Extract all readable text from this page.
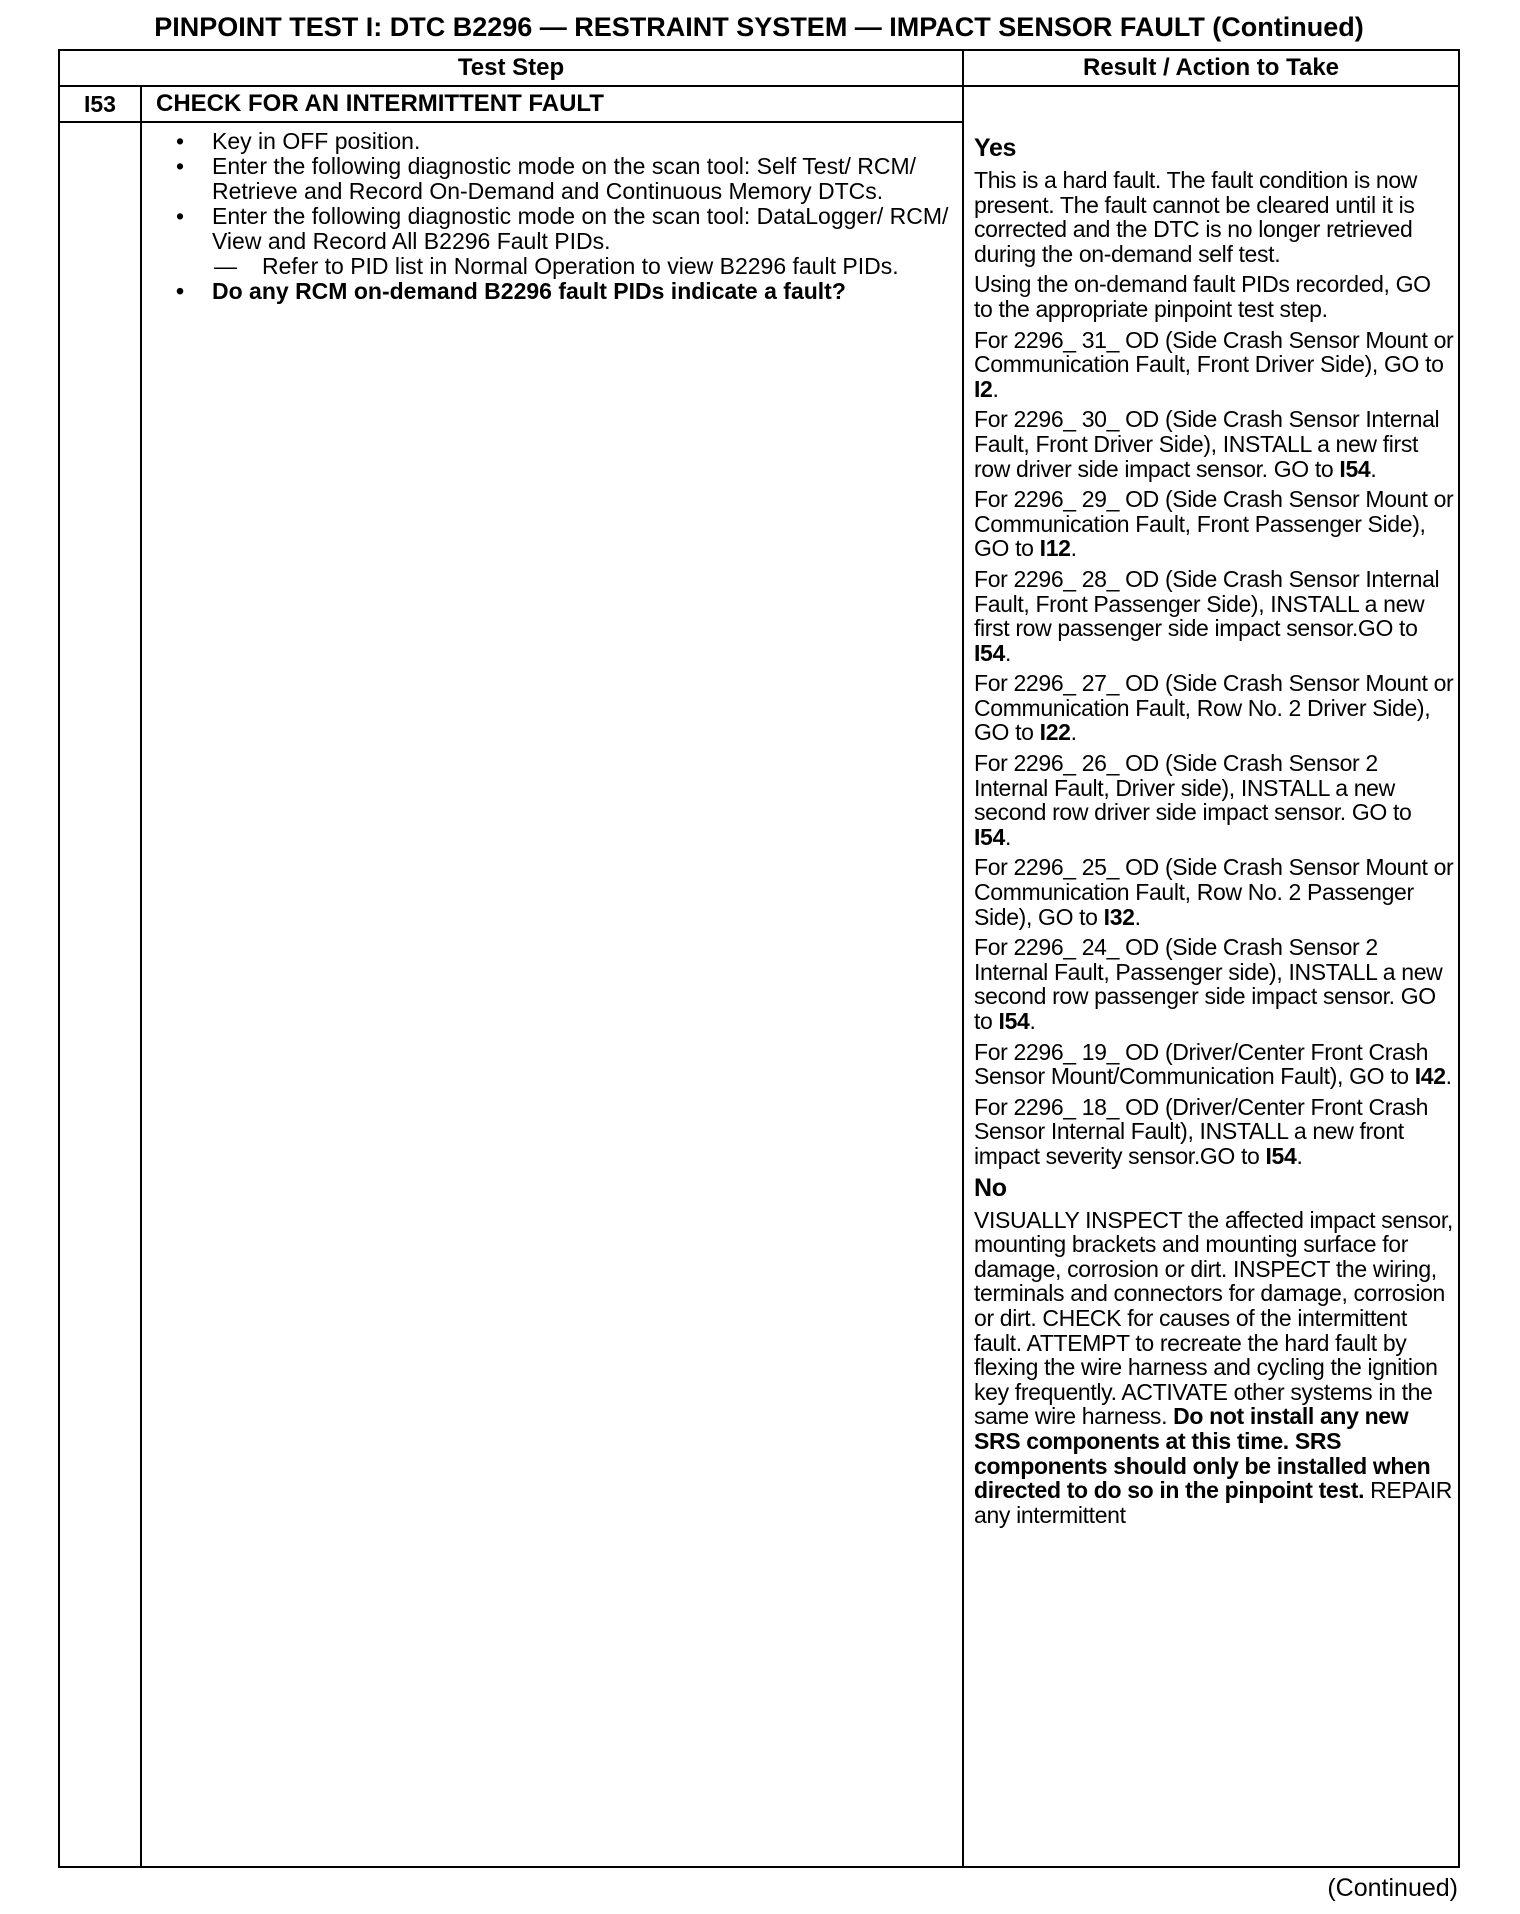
PINPOINT TEST I: DTC B2296 — RESTRAINT SYSTEM — IMPACT SENSOR FAULT (Continued)
Test Step	Result / Action to Take
I53	CHECK FOR AN INTERMITTENT FAULT

• Key in OFF position.

• Enter the following diagnostic mode on the scan tool: Self Test/ RCM/ Retrieve and Record On-Demand and Continuous Memory DTCs.

• Enter the following diagnostic mode on the scan tool: DataLogger/ RCM/ View and Record All B2296 Fault PIDs.

— Refer to PID list in Normal Operation to view B2296 fault PIDs.

• Do any RCM on-demand B2296 fault PIDs indicate a fault?

Yes

This is a hard fault. The fault condition is now present. The fault cannot be cleared until it is corrected and the DTC is no longer retrieved during the on-demand self test.

Using the on-demand fault PIDs recorded, GO to the appropriate pinpoint test step.

For 2296_ 31_ OD (Side Crash Sensor Mount or Communication Fault, Front Driver Side), GO to I2.

For 2296_ 30_ OD (Side Crash Sensor Internal Fault, Front Driver Side), INSTALL a new first row driver side impact sensor. GO to I54.

For 2296_ 29_ OD (Side Crash Sensor Mount or Communication Fault, Front Passenger Side), GO to I12.

For 2296_ 28_ OD (Side Crash Sensor Internal Fault, Front Passenger Side), INSTALL a new first row passenger side impact sensor.GO to I54.

For 2296_ 27_ OD (Side Crash Sensor Mount or Communication Fault, Row No. 2 Driver Side), GO to I22.

For 2296_ 26_ OD (Side Crash Sensor 2 Internal Fault, Driver side), INSTALL a new second row driver side impact sensor. GO to I54.

For 2296_ 25_ OD (Side Crash Sensor Mount or Communication Fault, Row No. 2 Passenger Side), GO to I32.

For 2296_ 24_ OD (Side Crash Sensor 2 Internal Fault, Passenger side), INSTALL a new second row passenger side impact sensor. GO to I54.

For 2296_ 19_ OD (Driver/Center Front Crash Sensor Mount/Communication Fault), GO to I42.

For 2296_ 18_ OD (Driver/Center Front Crash Sensor Internal Fault), INSTALL a new front impact severity sensor.GO to I54.

No

VISUALLY INSPECT the affected impact sensor, mounting brackets and mounting surface for damage, corrosion or dirt. INSPECT the wiring, terminals and connectors for damage, corrosion or dirt. CHECK for causes of the intermittent fault. ATTEMPT to recreate the hard fault by flexing the wire harness and cycling the ignition key frequently. ACTIVATE other systems in the same wire harness. Do not install any new SRS components at this time. SRS components should only be installed when directed to do so in the pinpoint test. REPAIR any intermittent

(Continued)
